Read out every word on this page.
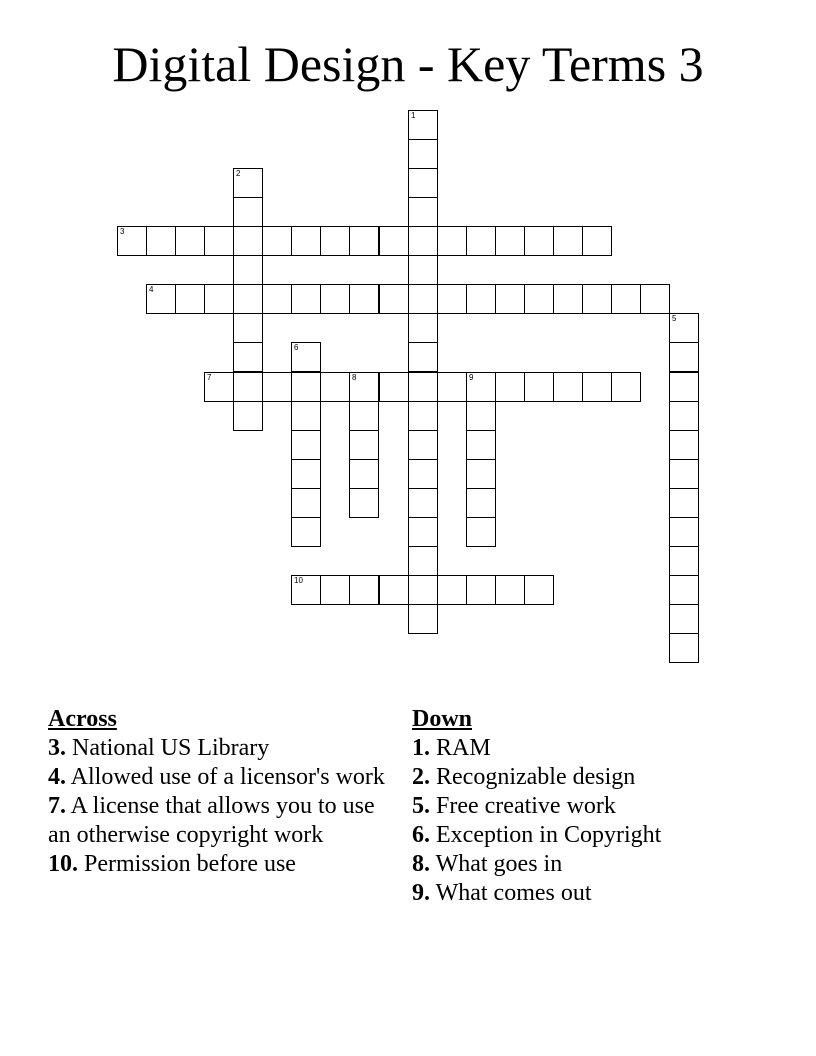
Digital Design - Key Terms 3
3
4
7	8	9
10
1
2
5
6
Across
3. National US Library
4. Allowed use of a licensor's work
7. A license that allows you to use an otherwise copyright work
10. Permission before use
Down
1. RAM
2. Recognizable design
5. Free creative work
6. Exception in Copyright
8. What goes in
9. What comes out
